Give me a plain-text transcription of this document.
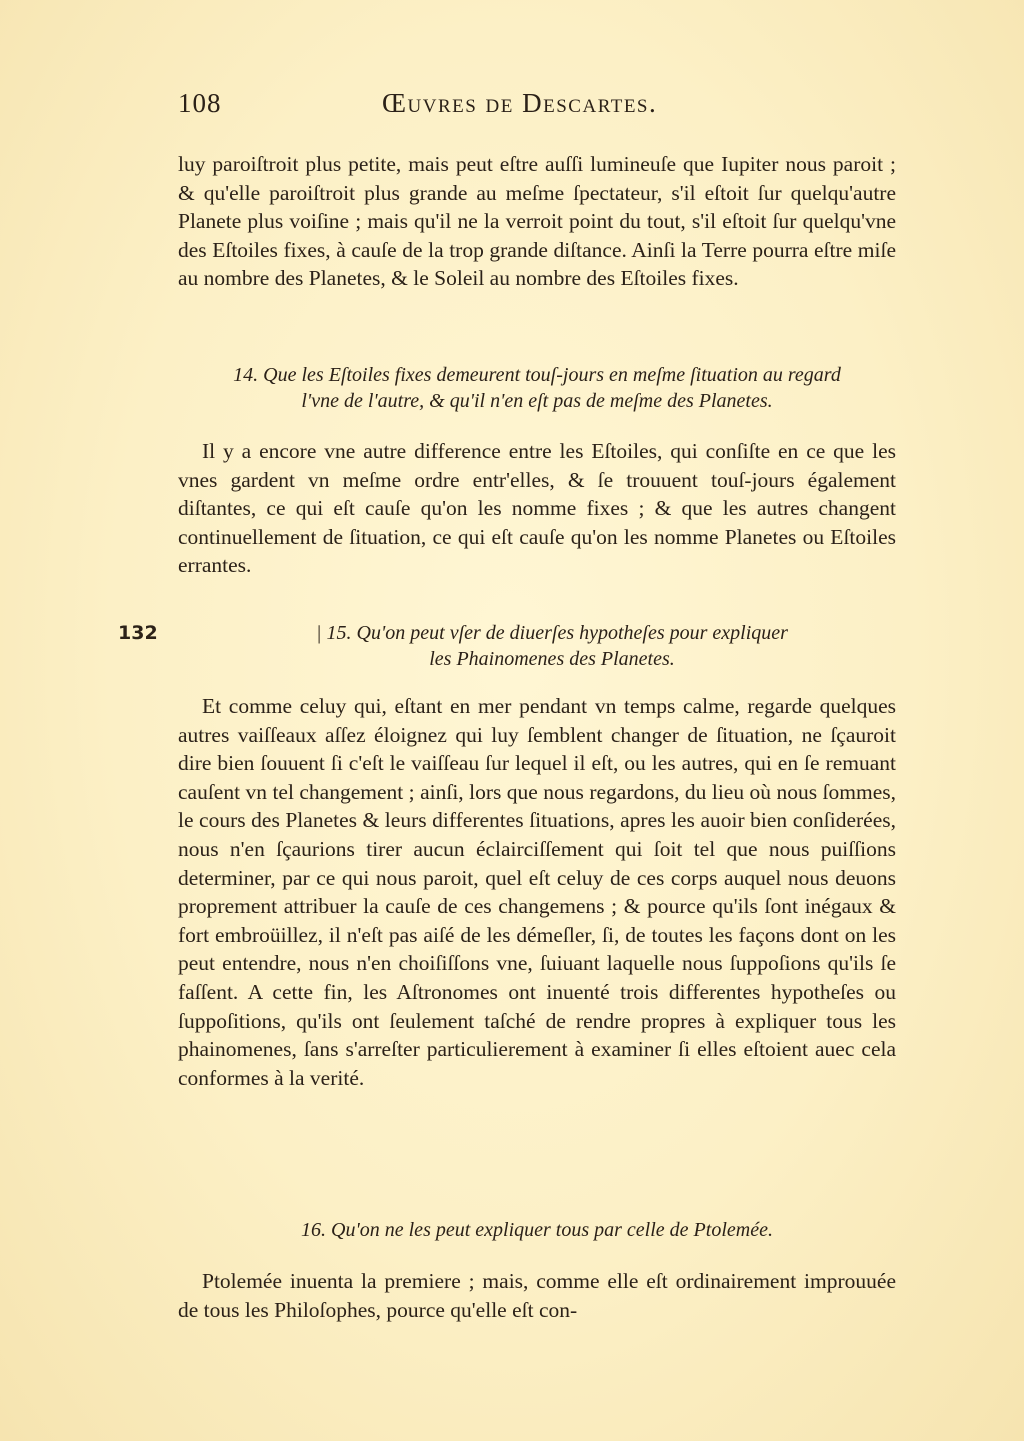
108	Œuvres de Descartes.

luy paroiſtroit plus petite, mais peut eſtre auſſi lumineuſe que Iupiter nous paroit ; & qu'elle paroiſtroit plus grande au meſme ſpectateur, s'il eſtoit ſur quelqu'autre Planete plus voiſine ; mais qu'il ne la verroit point du tout, s'il eſtoit ſur quelqu'vne des Eſtoiles fixes, à cauſe de la trop grande diſtance. Ainſi la Terre pourra eſtre miſe au nombre des Planetes, & le Soleil au nombre des Eſtoiles fixes.

14. Que les Eſtoiles fixes demeurent touſ-jours en meſme ſituation au regard
l'vne de l'autre, & qu'il n'en eſt pas de meſme des Planetes.

Il y a encore vne autre difference entre les Eſtoiles, qui conſiſte en ce que les vnes gardent vn meſme ordre entr'elles, & ſe trouuent touſ-jours également diſtantes, ce qui eſt cauſe qu'on les nomme fixes ; & que les autres changent continuellement de ſituation, ce qui eſt cauſe qu'on les nomme Planetes ou Eſtoiles errantes.

132	| 15. Qu'on peut vſer de diuerſes hypotheſes pour expliquer
les Phainomenes des Planetes.

Et comme celuy qui, eſtant en mer pendant vn temps calme, regarde quelques autres vaiſſeaux aſſez éloignez qui luy ſemblent changer de ſituation, ne ſçauroit dire bien ſouuent ſi c'eſt le vaiſſeau ſur lequel il eſt, ou les autres, qui en ſe remuant cauſent vn tel changement ; ainſi, lors que nous regardons, du lieu où nous ſommes, le cours des Planetes & leurs differentes ſituations, apres les auoir bien conſiderées, nous n'en ſçaurions tirer aucun éclairciſſement qui ſoit tel que nous puiſſions determiner, par ce qui nous paroit, quel eſt celuy de ces corps auquel nous deuons proprement attribuer la cauſe de ces changemens ; & pource qu'ils ſont inégaux & fort embroüillez, il n'eſt pas aiſé de les démeſler, ſi, de toutes les façons dont on les peut entendre, nous n'en choiſiſſons vne, ſuiuant laquelle nous ſuppoſions qu'ils ſe faſſent. A cette fin, les Aſtronomes ont inuenté trois differentes hypotheſes ou ſuppoſitions, qu'ils ont ſeulement taſché de rendre propres à expliquer tous les phainomenes, ſans s'arreſter particulierement à examiner ſi elles eſtoient auec cela conformes à la verité.

16. Qu'on ne les peut expliquer tous par celle de Ptolemée.

Ptolemée inuenta la premiere ; mais, comme elle eſt ordinairement improuuée de tous les Philoſophes, pource qu'elle eſt con-
